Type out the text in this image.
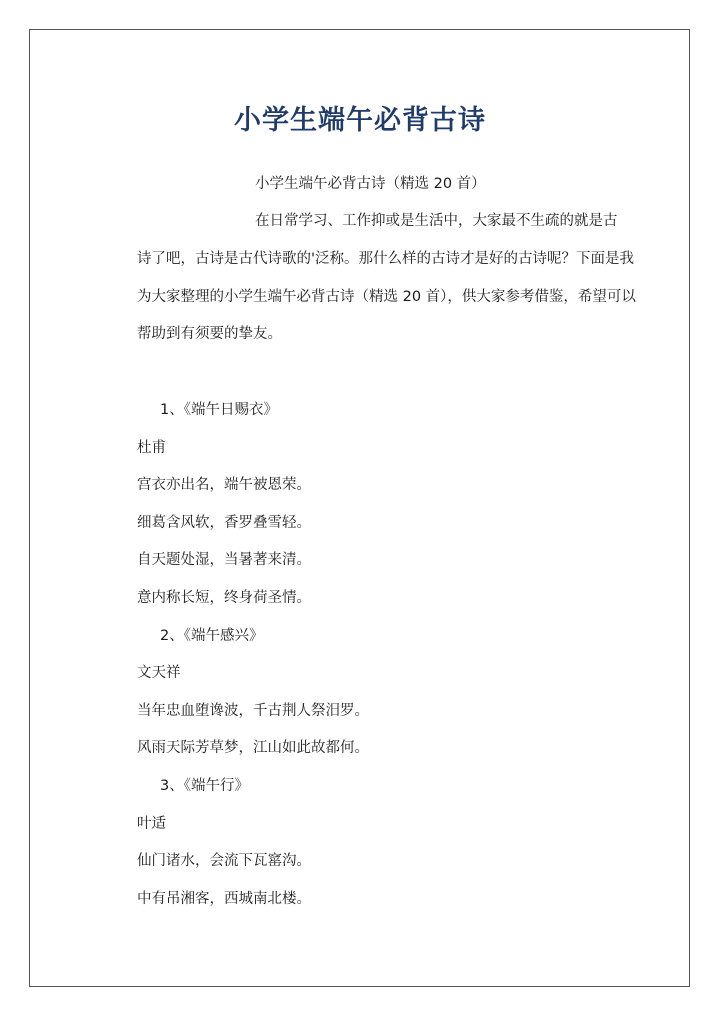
小学生端午必背古诗
小学生端午必背古诗（精选 20 首）
在日常学习、工作抑或是生活中，大家最不生疏的就是古
诗了吧，古诗是古代诗歌的'泛称。那什么样的古诗才是好的古诗呢？下面是我
为大家整理的小学生端午必背古诗（精选 20 首），供大家参考借鉴，希望可以
帮助到有须要的挚友。
1、《端午日赐衣》
杜甫
宫衣亦出名，端午被恩荣。
细葛含风软，香罗叠雪轻。
自天题处湿，当暑著来清。
意内称长短，终身荷圣情。
2、《端午感兴》
文天祥
当年忠血堕谗波，千古荆人祭汨罗。
风雨天际芳草梦，江山如此故都何。
3、《端午行》
叶适
仙门诸水，会流下瓦窰沟。
中有吊湘客，西城南北楼。
